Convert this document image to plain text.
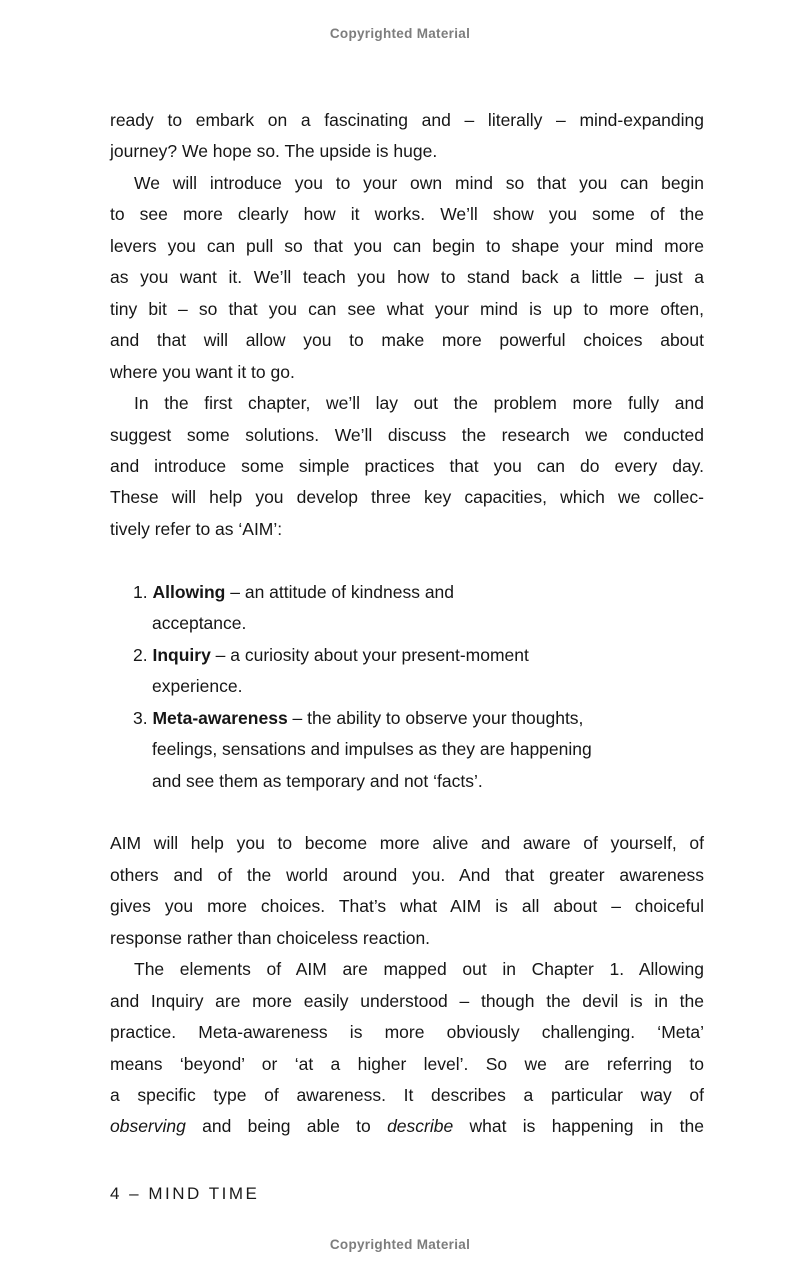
Copyrighted Material
ready to embark on a fascinating and – literally – mind-expanding
journey? We hope so. The upside is huge.
We will introduce you to your own mind so that you can begin
to see more clearly how it works. We’ll show you some of the
levers you can pull so that you can begin to shape your mind more
as you want it. We’ll teach you how to stand back a little – just a
tiny bit – so that you can see what your mind is up to more often,
and that will allow you to make more powerful choices about
where you want it to go.
In the first chapter, we’ll lay out the problem more fully and
suggest some solutions. We’ll discuss the research we conducted
and introduce some simple practices that you can do every day.
These will help you develop three key capacities, which we collec-
tively refer to as ‘AIM’:
1. Allowing – an attitude of kindness and
acceptance.
2. Inquiry – a curiosity about your present-moment
experience.
3. Meta-awareness – the ability to observe your thoughts,
feelings, sensations and impulses as they are happening
and see them as temporary and not ‘facts’.
AIM will help you to become more alive and aware of yourself, of
others and of the world around you. And that greater awareness
gives you more choices. That’s what AIM is all about – choiceful
response rather than choiceless reaction.
The elements of AIM are mapped out in Chapter 1. Allowing
and Inquiry are more easily understood – though the devil is in the
practice. Meta-awareness is more obviously challenging. ‘Meta’
means ‘beyond’ or ‘at a higher level’. So we are referring to
a specific type of awareness. It describes a particular way of
observing and being able to describe what is happening in the
4 – MIND TIME
Copyrighted Material
